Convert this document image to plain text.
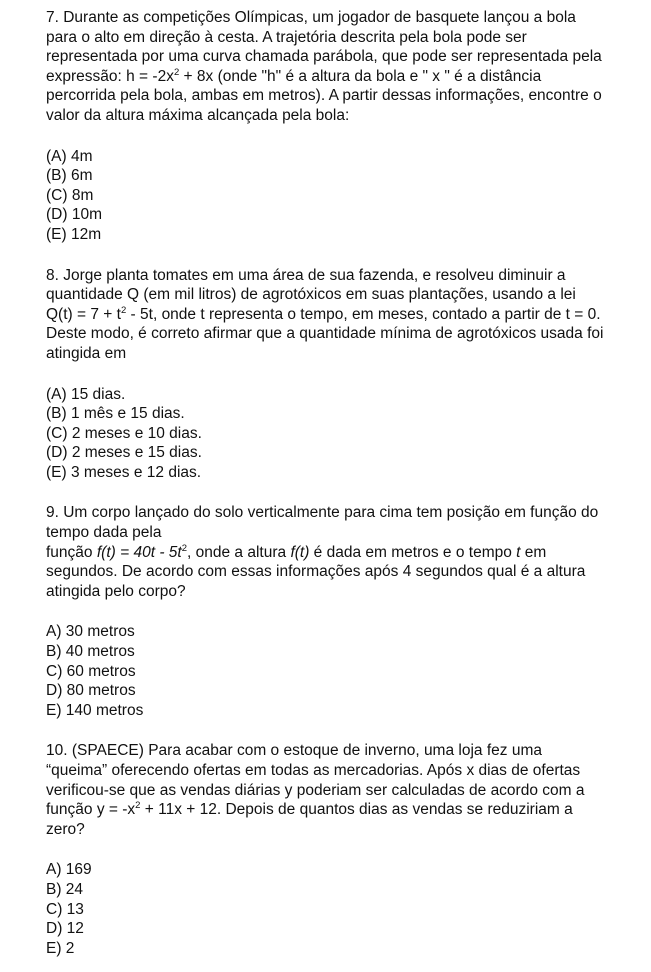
7. Durante as competições Olímpicas, um jogador de basquete lançou a bola para o alto em direção à cesta. A trajetória descrita pela bola pode ser representada por uma curva chamada parábola, que pode ser representada pela expressão: $h = -2x^2 + 8x$ (onde "h" é a altura da bola e " x " é a distância percorrida pela bola, ambas em metros). A partir dessas informações, encontre o valor da altura máxima alcançada pela bola:

(A) 4m
(B) 6m
(C) 8m
(D) 10m
(E) 12m

8. Jorge planta tomates em uma área de sua fazenda, e resolveu diminuir a quantidade Q (em mil litros) de agrotóxicos em suas plantações, usando a lei $Q(t) = 7 + t^2 - 5t$, onde t representa o tempo, em meses, contado a partir de t = 0. Deste modo, é correto afirmar que a quantidade mínima de agrotóxicos usada foi atingida em

(A) 15 dias.
(B) 1 mês e 15 dias.
(C) 2 meses e 10 dias.
(D) 2 meses e 15 dias.
(E) 3 meses e 12 dias.

9. Um corpo lançado do solo verticalmente para cima tem posição em função do tempo dada pela

função $f(t) = 40t - 5t^2$, onde a altura f(t) é dada em metros e o tempo t em segundos. De acordo com essas informações após 4 segundos qual é a altura atingida pelo corpo?

A) 30 metros
B) 40 metros
C) 60 metros
D) 80 metros
E) 140 metros

10. (SPAECE) Para acabar com o estoque de inverno, uma loja fez uma “queima” oferecendo ofertas em todas as mercadorias. Após x dias de ofertas verificou-se que as vendas diárias y poderiam ser calculadas de acordo com a função $y = -x^2 + 11x + 12$. Depois de quantos dias as vendas se reduziriam a zero?

A) 169
B) 24
C) 13
D) 12
E) 2
